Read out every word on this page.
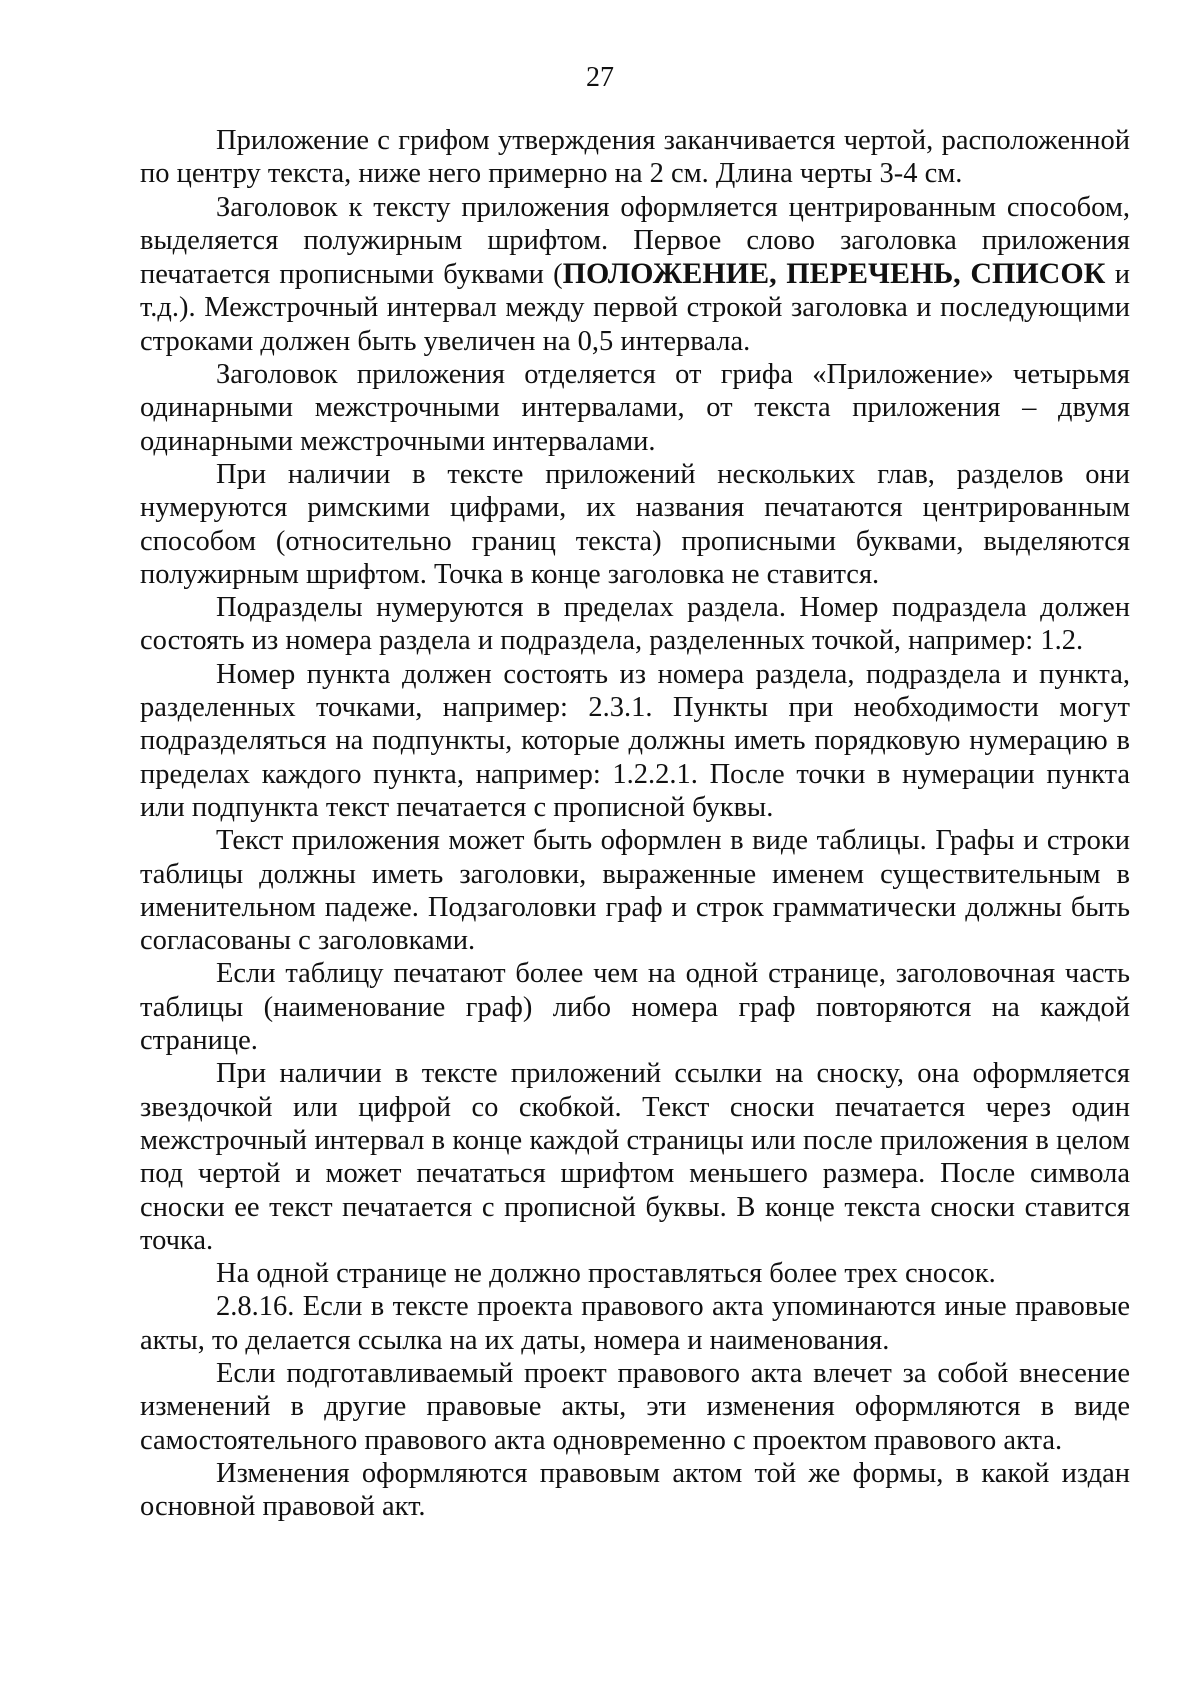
27

Приложение с грифом утверждения заканчивается чертой, расположенной по центру текста, ниже него примерно на 2 см. Длина черты 3-4 см.

Заголовок к тексту приложения оформляется центрированным способом, выделяется полужирным шрифтом. Первое слово заголовка приложения печатается прописными буквами (ПОЛОЖЕНИЕ, ПЕРЕЧЕНЬ, СПИСОК и т.д.). Межстрочный интервал между первой строкой заголовка и последующими строками должен быть увеличен на 0,5 интервала.

Заголовок приложения отделяется от грифа «Приложение» четырьмя одинарными межстрочными интервалами, от текста приложения – двумя одинарными межстрочными интервалами.

При наличии в тексте приложений нескольких глав, разделов они нумеруются римскими цифрами, их названия печатаются центрированным способом (относительно границ текста) прописными буквами, выделяются полужирным шрифтом. Точка в конце заголовка не ставится.

Подразделы нумеруются в пределах раздела. Номер подраздела должен состоять из номера раздела и подраздела, разделенных точкой, например: 1.2.

Номер пункта должен состоять из номера раздела, подраздела и пункта, разделенных точками, например: 2.3.1. Пункты при необходимости могут подразделяться на подпункты, которые должны иметь порядковую нумерацию в пределах каждого пункта, например: 1.2.2.1. После точки в нумерации пункта или подпункта текст печатается с прописной буквы.

Текст приложения может быть оформлен в виде таблицы. Графы и строки таблицы должны иметь заголовки, выраженные именем существительным в именительном падеже. Подзаголовки граф и строк грамматически должны быть согласованы с заголовками.

Если таблицу печатают более чем на одной странице, заголовочная часть таблицы (наименование граф) либо номера граф повторяются на каждой странице.

При наличии в тексте приложений ссылки на сноску, она оформляется звездочкой или цифрой со скобкой. Текст сноски печатается через один межстрочный интервал в конце каждой страницы или после приложения в целом под чертой и может печататься шрифтом меньшего размера. После символа сноски ее текст печатается с прописной буквы. В конце текста сноски ставится точка.

На одной странице не должно проставляться более трех сносок.

2.8.16. Если в тексте проекта правового акта упоминаются иные правовые акты, то делается ссылка на их даты, номера и наименования.

Если подготавливаемый проект правового акта влечет за собой внесение изменений в другие правовые акты, эти изменения оформляются в виде самостоятельного правового акта одновременно с проектом правового акта.

Изменения оформляются правовым актом той же формы, в какой издан основной правовой акт.
